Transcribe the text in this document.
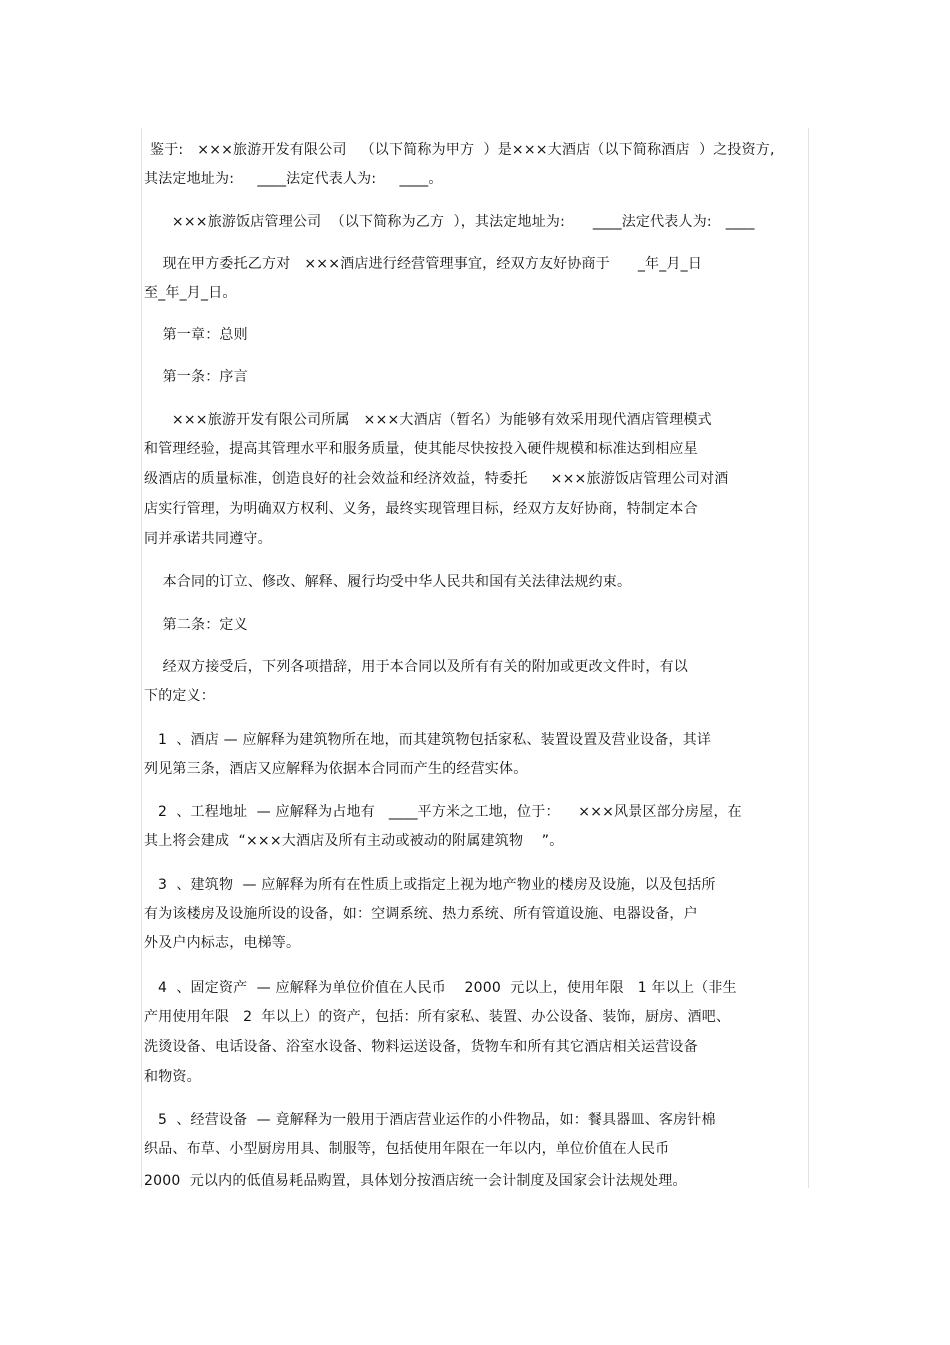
鉴于:   ×××旅游开发有限公司   （以下简称为甲方  ）是×××大酒店（以下简称酒店  ）之投资方,
其法定地址为:     ____法定代表人为:     ____。
×××旅游饭店管理公司  （以下简称为乙方  ），其法定地址为:      ____法定代表人为:   ____
现在甲方委托乙方对   ×××酒店进行经营管理事宜，经双方友好协商于      _年_月_日
至_年_月_日。
第一章：总则
第一条：序言
×××旅游开发有限公司所属   ×××大酒店（暂名）为能够有效采用现代酒店管理模式
和管理经验，提高其管理水平和服务质量，使其能尽快按投入硬件规模和标准达到相应星
级酒店的质量标准，创造良好的社会效益和经济效益，特委托     ×××旅游饭店管理公司对酒
店实行管理，为明确双方权利、义务，最终实现管理目标，经双方友好协商，特制定本合
同并承诺共同遵守。
本合同的订立、修改、解释、履行均受中华人民共和国有关法律法规约束。
第二条：定义
经双方接受后，下列各项措辞，用于本合同以及所有有关的附加或更改文件时，有以
下的定义：
1  、酒店 — 应解释为建筑物所在地，而其建筑物包括家私、装置设置及营业设备，其详
列见第三条，酒店又应解释为依据本合同而产生的经营实体。
2  、工程地址  — 应解释为占地有   ____平方米之工地，位于：    ×××风景区部分房屋，在
其上将会建成  “×××大酒店及所有主动或被动的附属建筑物    ”。
3  、建筑物  — 应解释为所有在性质上或指定上视为地产物业的楼房及设施，以及包括所
有为该楼房及设施所设的设备，如：空调系统、热力系统、所有管道设施、电器设备，户
外及户内标志，电梯等。
4  、固定资产  — 应解释为单位价值在人民币    2000  元以上，使用年限   1 年以上（非生
产用使用年限   2  年以上）的资产，包括：所有家私、装置、办公设备、装饰，厨房、酒吧、
洗烫设备、电话设备、浴室水设备、物料运送设备，货物车和所有其它酒店相关运营设备
和物资。
5  、经营设备  — 竟解释为一般用于酒店营业运作的小件物品，如：餐具器皿、客房针棉
织品、布草、小型厨房用具、制服等，包括使用年限在一年以内，单位价值在人民币
2000  元以内的低值易耗品购置，具体划分按酒店统一会计制度及国家会计法规处理。
